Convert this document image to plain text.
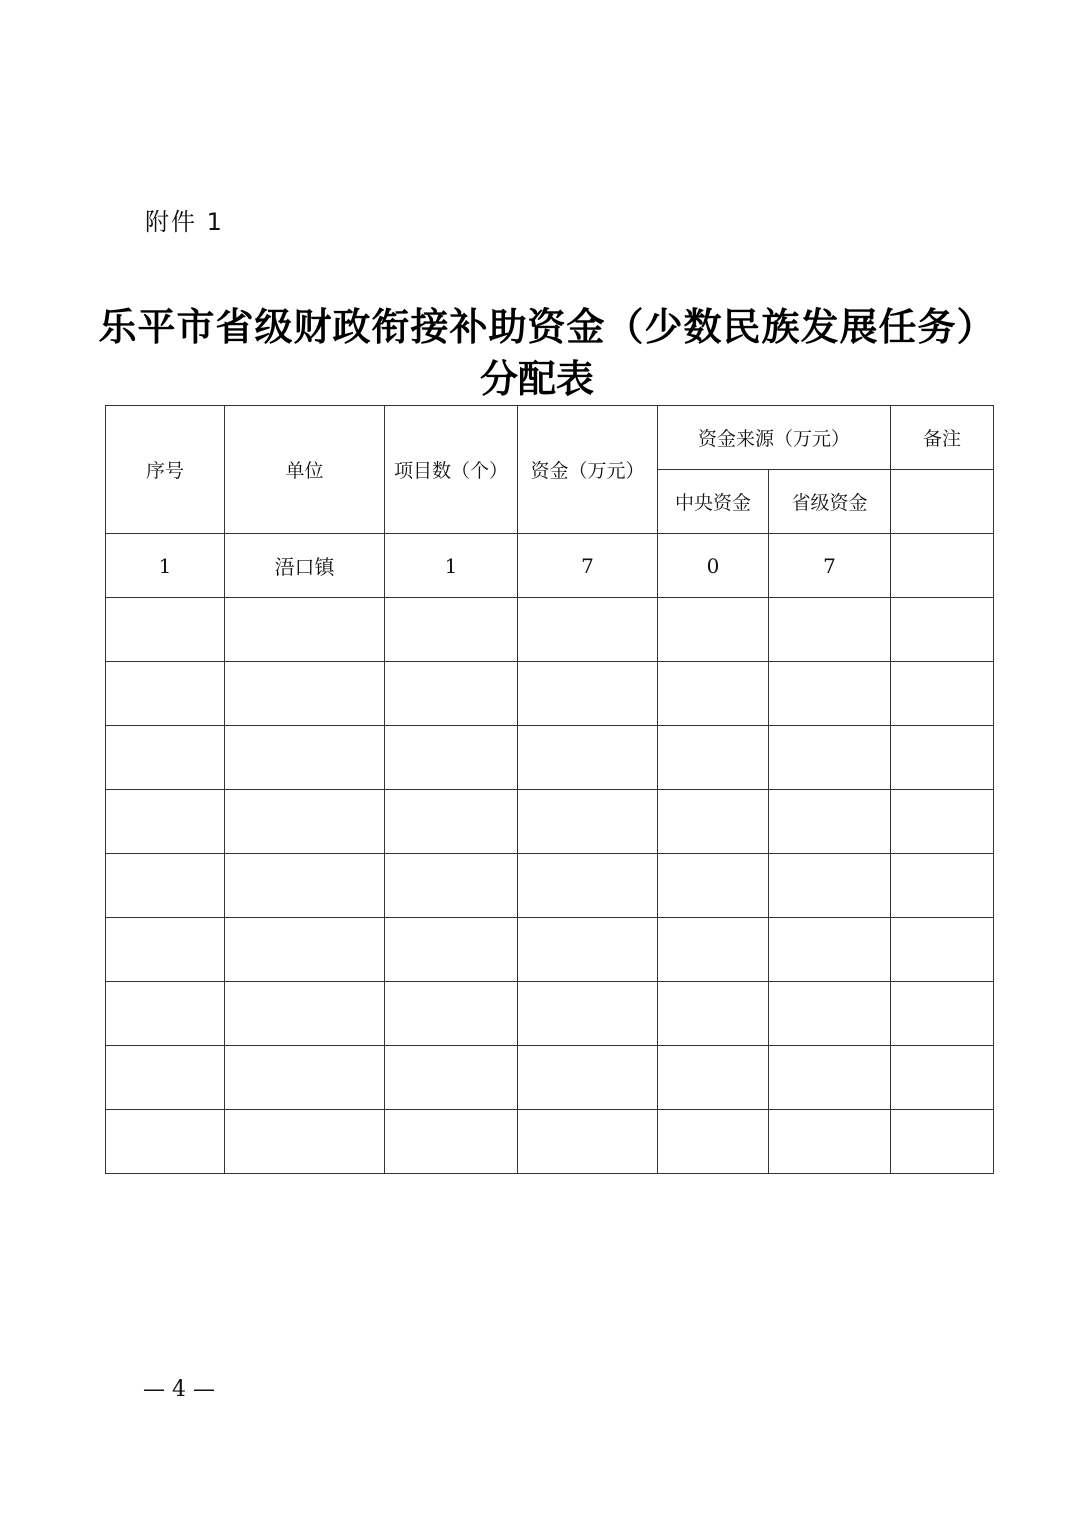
附件 1
乐平市省级财政衔接补助资金（少数民族发展任务）
分配表
序号	单位	项目数（个）	资金（万元）	资金来源（万元）		备注
				中央资金	省级资金	
1	浯口镇	1	7	0	7	

— 4 —
